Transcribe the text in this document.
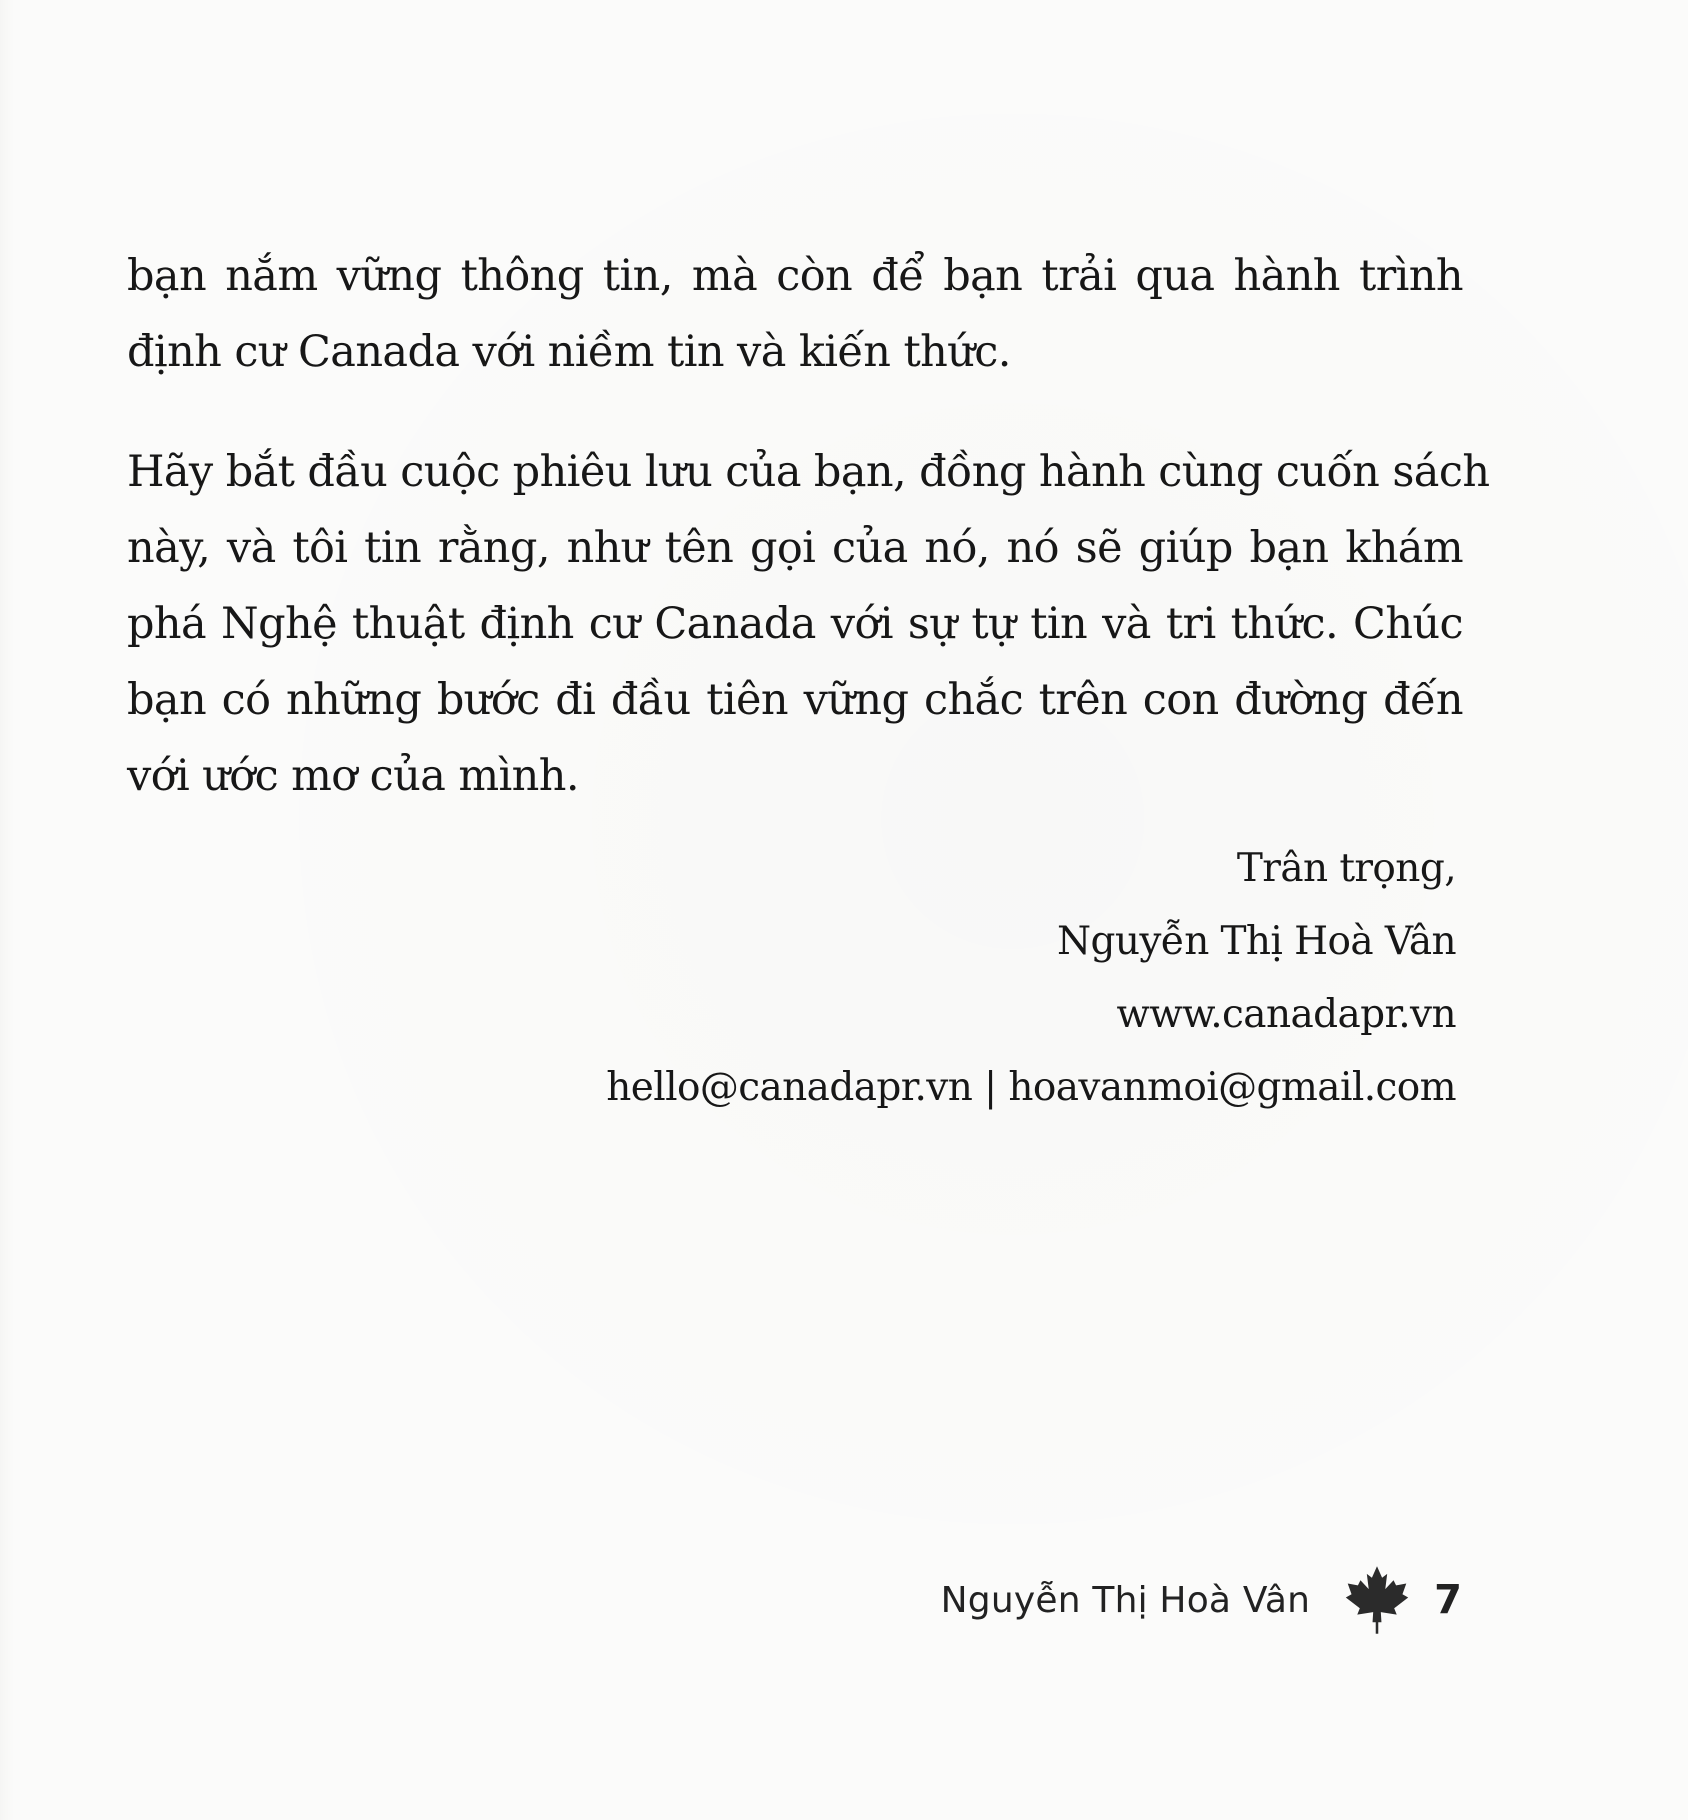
bạn nắm vững thông tin, mà còn để bạn trải qua hành trình
định cư Canada với niềm tin và kiến thức.
Hãy bắt đầu cuộc phiêu lưu của bạn, đồng hành cùng cuốn sách
này, và tôi tin rằng, như tên gọi của nó, nó sẽ giúp bạn khám
phá Nghệ thuật định cư Canada với sự tự tin và tri thức. Chúc
bạn có những bước đi đầu tiên vững chắc trên con đường đến
với ước mơ của mình.
Trân trọng,
Nguyễn Thị Hoà Vân
www.canadapr.vn
hello@canadapr.vn | hoavanmoi@gmail.com
Nguyễn Thị Hoà Vân	7
